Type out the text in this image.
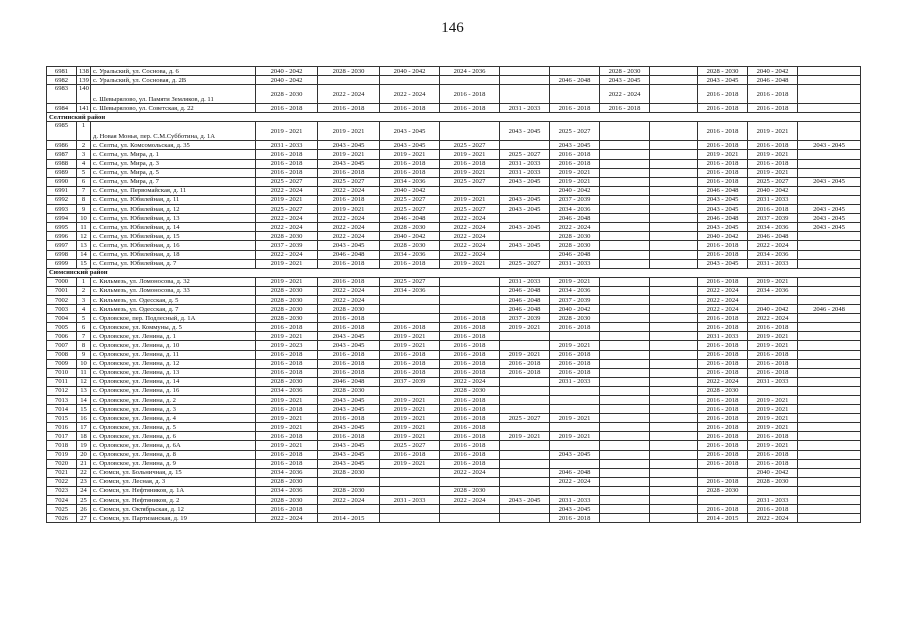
146
6981	138	с. Уральский, ул. Соснова, д. 6	2040 - 2042	2028 - 2030	2040 - 2042	2024 - 2036			2028 - 2030		2028 - 2030	2040 - 2042	
6982	139	с. Уральский, ул. Сосновая, д. 2В	2040 - 2042					2046 - 2048	2043 - 2045		2043 - 2045	2046 - 2048	
6983	140	с. Шевырялово, ул. Памяти Земляков, д. 11	2028 - 2030	2022 - 2024	2022 - 2024	2016 - 2018			2022 - 2024		2016 - 2018	2016 - 2018	
6984	141	с. Шевырялово, ул. Советская, д. 22	2016 - 2018	2016 - 2018	2016 - 2018	2016 - 2018	2031 - 2033	2016 - 2018	2016 - 2018		2016 - 2018	2016 - 2018	
Селтинский район													
6985	1	д. Новая Монья, пер. С.М.Субботина, д. 1А	2019 - 2021	2019 - 2021	2043 - 2045		2043 - 2045	2025 - 2027			2016 - 2018	2019 - 2021	
6986	2	с. Селты, ул. Комсомольская, д. 35	2031 - 2033	2043 - 2045	2043 - 2045	2025 - 2027		2043 - 2045			2016 - 2018	2016 - 2018	2043 - 2045
6987	3	с. Селты, ул. Мира, д. 1	2016 - 2018	2019 - 2021	2019 - 2021	2019 - 2021	2025 - 2027	2016 - 2018			2019 - 2021	2019 - 2021	
6988	4	с. Селты, ул. Мира, д. 3	2016 - 2018	2043 - 2045	2016 - 2018	2016 - 2018	2031 - 2033	2016 - 2018			2016 - 2018	2016 - 2018	
6989	5	с. Селты, ул. Мира, д. 5	2016 - 2018	2016 - 2018	2016 - 2018	2019 - 2021	2031 - 2033	2019 - 2021			2016 - 2018	2019 - 2021	
6990	6	с. Селты, ул. Мира, д. 7	2025 - 2027	2025 - 2027	2034 - 2036	2025 - 2027	2043 - 2045	2019 - 2021			2016 - 2018	2025 - 2027	2043 - 2045
6991	7	с. Селты, ул. Первомайская, д. 11	2022 - 2024	2022 - 2024	2040 - 2042			2040 - 2042			2046 - 2048	2040 - 2042	
6992	8	с. Селты, ул. Юбилейная, д. 11	2019 - 2021	2016 - 2018	2025 - 2027	2019 - 2021	2043 - 2045	2037 - 2039			2043 - 2045	2031 - 2033	
6993	9	с. Селты, ул. Юбилейная, д. 12	2025 - 2027	2019 - 2021	2025 - 2027	2025 - 2027	2043 - 2045	2034 - 2036			2043 - 2045	2016 - 2018	2043 - 2045
6994	10	с. Селты, ул. Юбилейная, д. 13	2022 - 2024	2022 - 2024	2046 - 2048	2022 - 2024		2046 - 2048			2046 - 2048	2037 - 2039	2043 - 2045
6995	11	с. Селты, ул. Юбилейная, д. 14	2022 - 2024	2022 - 2024	2028 - 2030	2022 - 2024	2043 - 2045	2022 - 2024			2043 - 2045	2034 - 2036	2043 - 2045
6996	12	с. Селты, ул. Юбилейная, д. 15	2028 - 2030	2022 - 2024	2040 - 2042	2022 - 2024		2028 - 2030			2040 - 2042	2046 - 2048	
6997	13	с. Селты, ул. Юбилейная, д. 16	2037 - 2039	2043 - 2045	2028 - 2030	2022 - 2024	2043 - 2045	2028 - 2030			2016 - 2018	2022 - 2024	
6998	14	с. Селты, ул. Юбилейная, д. 18	2022 - 2024	2046 - 2048	2034 - 2036	2022 - 2024		2046 - 2048			2016 - 2018	2034 - 2036	
6999	15	с. Селты, ул. Юбилейная, д. 7	2019 - 2021	2016 - 2018	2016 - 2018	2019 - 2021	2025 - 2027	2031 - 2033			2043 - 2045	2031 - 2033	
Сюмсинский район													
7000	1	с. Кильмезь, ул. Ломоносова, д. 32	2019 - 2021	2016 - 2018	2025 - 2027		2031 - 2033	2019 - 2021			2016 - 2018	2019 - 2021	
7001	2	с. Кильмезь, ул. Ломоносова, д. 33	2028 - 2030	2022 - 2024	2034 - 2036		2046 - 2048	2034 - 2036			2022 - 2024	2034 - 2036	
7002	3	с. Кильмезь, ул. Одесская, д. 5	2028 - 2030	2022 - 2024			2046 - 2048	2037 - 2039			2022 - 2024		
7003	4	с. Кильмезь, ул. Одесская, д. 7	2028 - 2030	2028 - 2030			2046 - 2048	2040 - 2042			2022 - 2024	2040 - 2042	2046 - 2048
7004	5	с. Орловское, пер. Подлесный, д. 1А	2028 - 2030	2016 - 2018		2016 - 2018	2037 - 2039	2028 - 2030			2016 - 2018	2022 - 2024	
7005	6	с. Орловское, ул. Коммуны, д. 5	2016 - 2018	2016 - 2018	2016 - 2018	2016 - 2018	2019 - 2021	2016 - 2018			2016 - 2018	2016 - 2018	
7006	7	с. Орловское, ул. Ленина, д. 1	2019 - 2021	2043 - 2045	2019 - 2021	2016 - 2018					2031 - 2033	2019 - 2021	
7007	8	с. Орловское, ул. Ленина, д. 10	2019 - 2023	2043 - 2045	2019 - 2021	2016 - 2018		2019 - 2021			2016 - 2018	2019 - 2021	
7008	9	с. Орловское, ул. Ленина, д. 11	2016 - 2018	2016 - 2018	2016 - 2018	2016 - 2018	2019 - 2021	2016 - 2018			2016 - 2018	2016 - 2018	
7009	10	с. Орловское, ул. Ленина, д. 12	2016 - 2018	2016 - 2018	2016 - 2018	2016 - 2018	2016 - 2018	2016 - 2018			2016 - 2018	2016 - 2018	
7010	11	с. Орловское, ул. Ленина, д. 13	2016 - 2018	2016 - 2018	2016 - 2018	2016 - 2018	2016 - 2018	2016 - 2018			2016 - 2018	2016 - 2018	
7011	12	с. Орловское, ул. Ленина, д. 14	2028 - 2030	2046 - 2048	2037 - 2039	2022 - 2024		2031 - 2033			2022 - 2024	2031 - 2033	
7012	13	с. Орловское, ул. Ленина, д. 16	2034 - 2036	2028 - 2030		2028 - 2030					2028 - 2030		
7013	14	с. Орловское, ул. Ленина, д. 2	2019 - 2021	2043 - 2045	2019 - 2021	2016 - 2018					2016 - 2018	2019 - 2021	
7014	15	с. Орловское, ул. Ленина, д. 3	2016 - 2018	2043 - 2045	2019 - 2021	2016 - 2018					2016 - 2018	2019 - 2021	
7015	16	с. Орловское, ул. Ленина, д. 4	2019 - 2021	2016 - 2018	2019 - 2021	2016 - 2018	2025 - 2027	2019 - 2021			2016 - 2018	2019 - 2021	
7016	17	с. Орловское, ул. Ленина, д. 5	2019 - 2021	2043 - 2045	2019 - 2021	2016 - 2018					2016 - 2018	2019 - 2021	
7017	18	с. Орловское, ул. Ленина, д. 6	2016 - 2018	2016 - 2018	2019 - 2021	2016 - 2018	2019 - 2021	2019 - 2021			2016 - 2018	2016 - 2018	
7018	19	с. Орловское, ул. Ленина, д. 6А	2019 - 2021	2043 - 2045	2025 - 2027	2016 - 2018					2016 - 2018	2019 - 2021	
7019	20	с. Орловское, ул. Ленина, д. 8	2016 - 2018	2043 - 2045	2016 - 2018	2016 - 2018		2043 - 2045			2016 - 2018	2016 - 2018	
7020	21	с. Орловское, ул. Ленина, д. 9	2016 - 2018	2043 - 2045	2019 - 2021	2016 - 2018					2016 - 2018	2016 - 2018	
7021	22	с. Сюмси, ул. Больничная, д. 15	2034 - 2036	2028 - 2030		2022 - 2024		2046 - 2048				2040 - 2042	
7022	23	с. Сюмси, ул. Лесная, д. 3	2028 - 2030					2022 - 2024			2016 - 2018	2028 - 2030	
7023	24	с. Сюмси, ул. Нефтяников, д. 1А	2034 - 2036	2028 - 2030		2028 - 2030					2028 - 2030		
7024	25	с. Сюмси, ул. Нефтяников, д. 2	2028 - 2030	2022 - 2024	2031 - 2033	2022 - 2024	2043 - 2045	2031 - 2033				2031 - 2033	
7025	26	с. Сюмси, ул. Октябрьская, д. 12	2016 - 2018					2043 - 2045			2016 - 2018	2016 - 2018	
7026	27	с. Сюмси, ул. Партизанская, д. 19	2022 - 2024	2014 - 2015				2016 - 2018			2014 - 2015	2022 - 2024	
